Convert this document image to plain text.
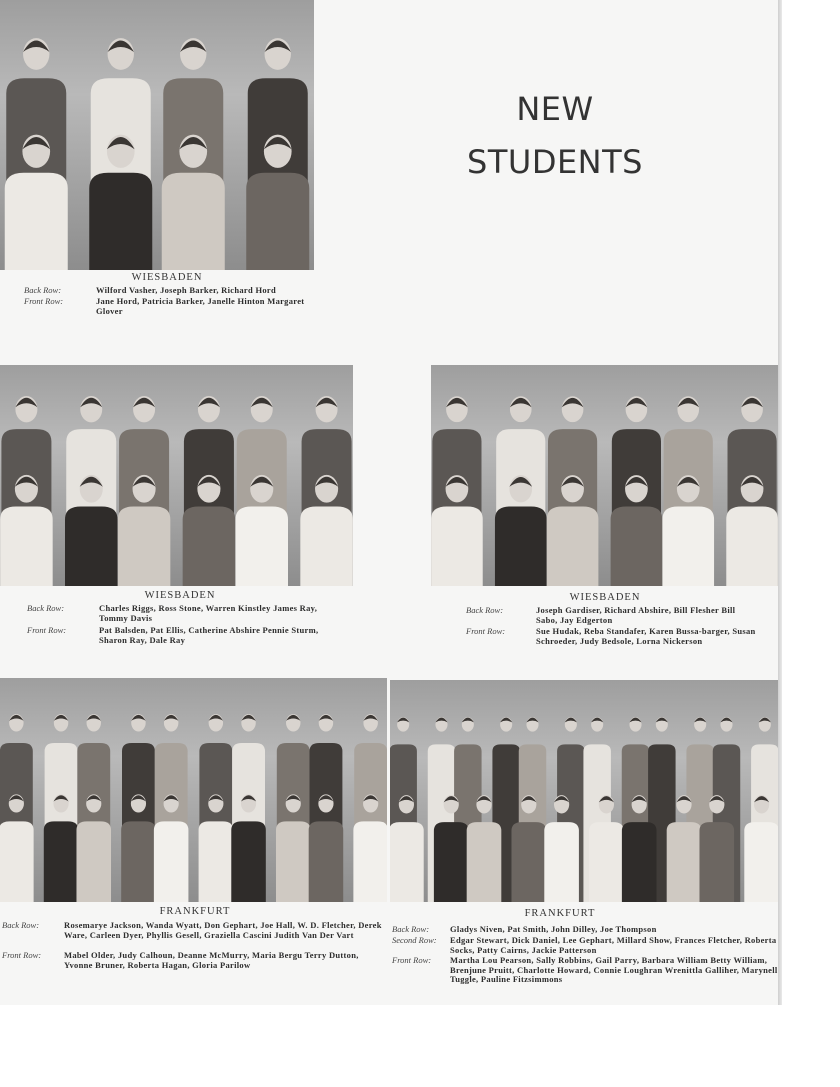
NEW
STUDENTS
WIESBADEN
Back Row:	Wilford Vasher, Joseph Barker, Richard Hord
Front Row:	Jane Hord, Patricia Barker, Janelle Hinton Margaret Glover
WIESBADEN
Back Row:	Charles Riggs, Ross Stone, Warren Kinstley James Ray, Tommy Davis
Front Row:	Pat Balsden, Pat Ellis, Catherine Abshire Pennie Sturm, Sharon Ray, Dale Ray
WIESBADEN
Back Row:	Joseph Gardiser, Richard Abshire, Bill Flesher Bill Sabo, Jay Edgerton
Front Row:	Sue Hudak, Reba Standafer, Karen Bussa-barger, Susan Schroeder, Judy Bedsole, Lorna Nickerson
FRANKFURT
Back Row:	Rosemarye Jackson, Wanda Wyatt, Don Gephart, Joe Hall, W. D. Fletcher, Derek Ware, Carleen Dyer, Phyllis Gesell, Graziella Cascini Judith Van Der Vart
Front Row:	Mabel Older, Judy Calhoun, Deanne McMurry, Maria Bergu Terry Dutton, Yvonne Bruner, Roberta Hagan, Gloria Parilow
FRANKFURT
Back Row:	Gladys Niven, Pat Smith, John Dilley, Joe Thompson
Second Row:	Edgar Stewart, Dick Daniel, Lee Gephart, Millard Show, Frances Fletcher, Roberta Socks, Patty Cairns, Jackie Patterson
Front Row:	Martha Lou Pearson, Sally Robbins, Gail Parry, Barbara William Betty William, Brenjune Pruitt, Charlotte Howard, Connie Loughran Wrenittla Galliher, Marynell Tuggle, Pauline Fitzsimmons
